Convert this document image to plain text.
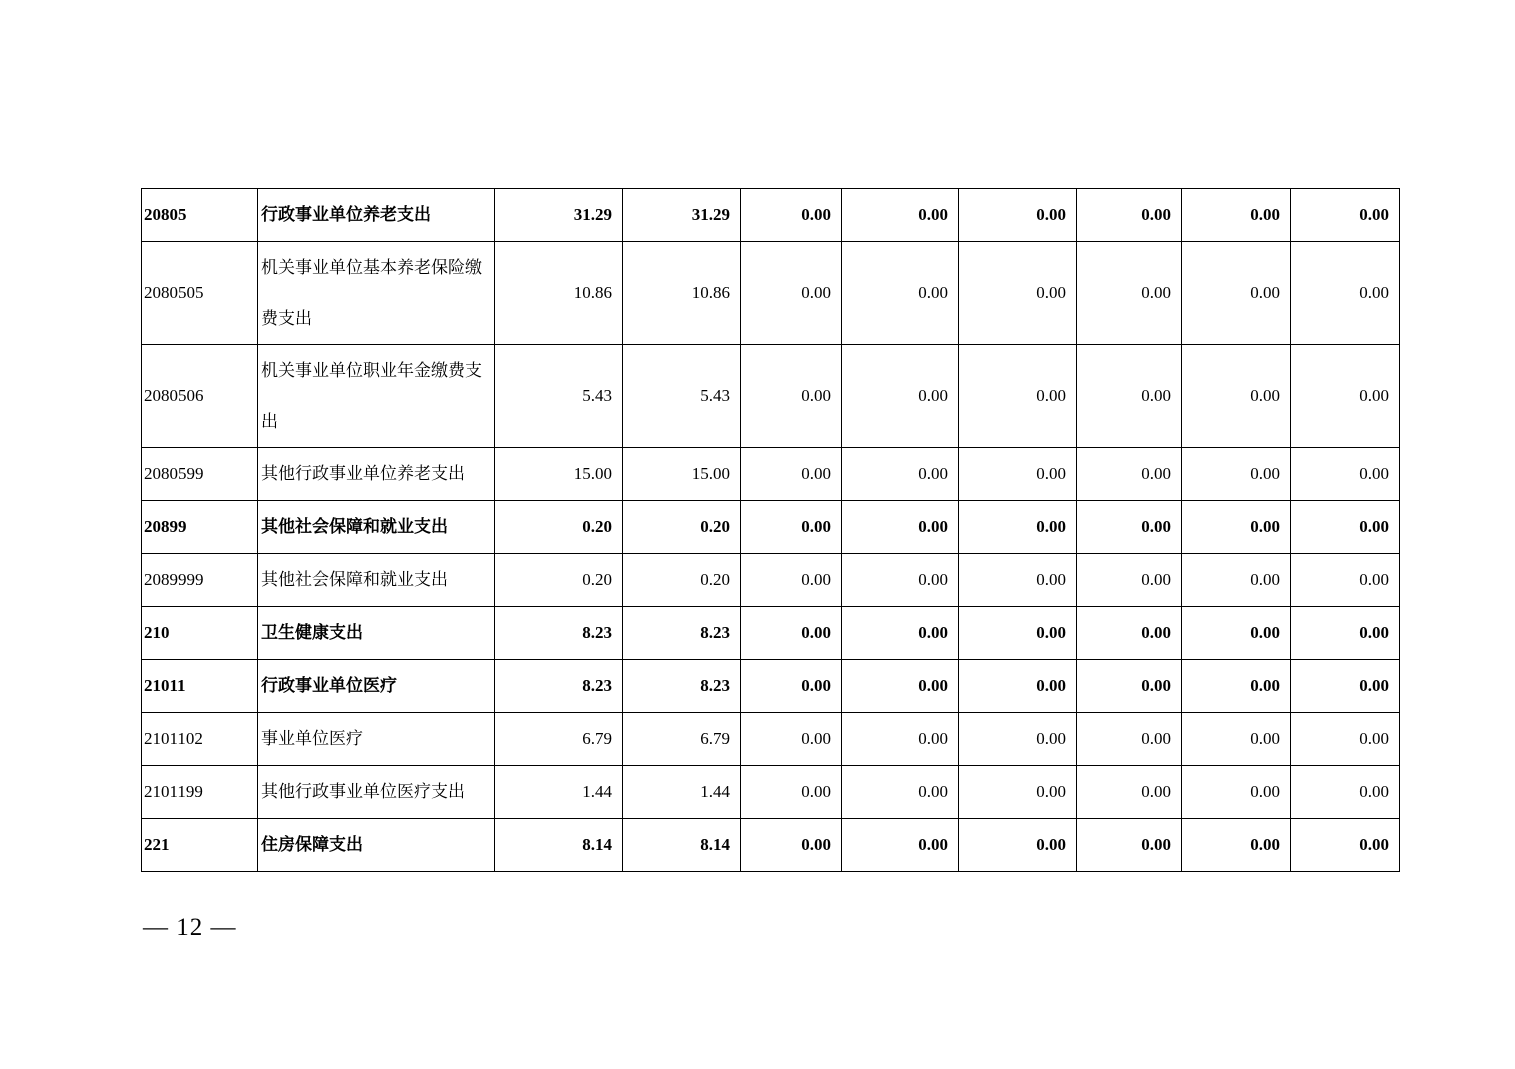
20805	行政事业单位养老支出	31.29	31.29	0.00	0.00	0.00	0.00	0.00	0.00
2080505	机关事业单位基本养老保险缴费支出	10.86	10.86	0.00	0.00	0.00	0.00	0.00	0.00
2080506	机关事业单位职业年金缴费支出	5.43	5.43	0.00	0.00	0.00	0.00	0.00	0.00
2080599	其他行政事业单位养老支出	15.00	15.00	0.00	0.00	0.00	0.00	0.00	0.00
20899	其他社会保障和就业支出	0.20	0.20	0.00	0.00	0.00	0.00	0.00	0.00
2089999	其他社会保障和就业支出	0.20	0.20	0.00	0.00	0.00	0.00	0.00	0.00
210	卫生健康支出	8.23	8.23	0.00	0.00	0.00	0.00	0.00	0.00
21011	行政事业单位医疗	8.23	8.23	0.00	0.00	0.00	0.00	0.00	0.00
2101102	事业单位医疗	6.79	6.79	0.00	0.00	0.00	0.00	0.00	0.00
2101199	其他行政事业单位医疗支出	1.44	1.44	0.00	0.00	0.00	0.00	0.00	0.00
221	住房保障支出	8.14	8.14	0.00	0.00	0.00	0.00	0.00	0.00
— 12 —
